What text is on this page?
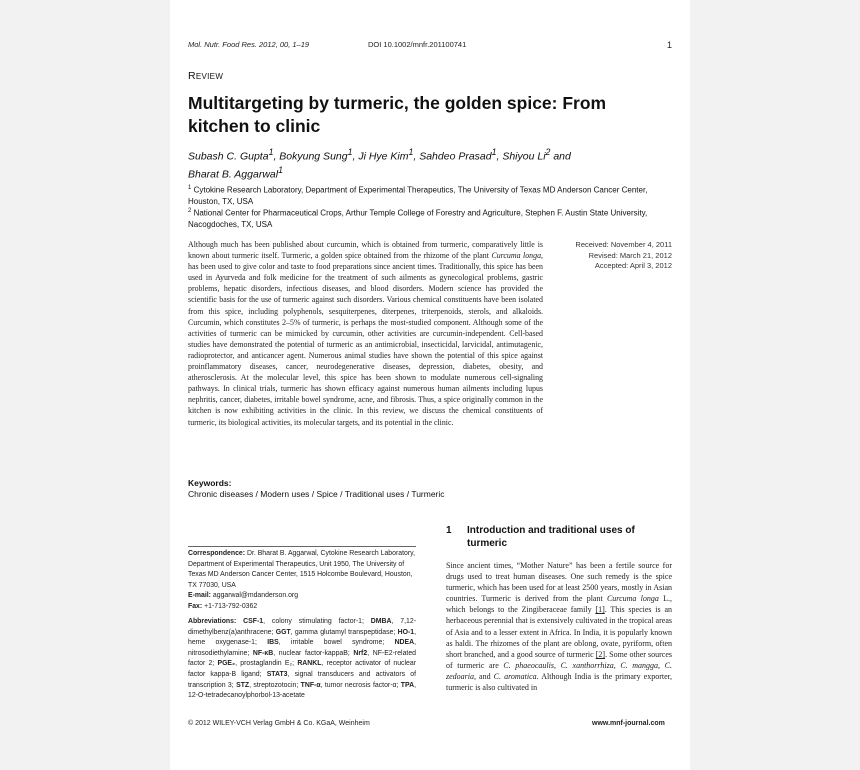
Mol. Nutr. Food Res. 2012, 00, 1–19	DOI 10.1002/mnfr.201100741	1
REVIEW
Multitargeting by turmeric, the golden spice: From kitchen to clinic
Subash C. Gupta$^1$, Bokyung Sung$^1$, Ji Hye Kim$^1$, Sahdeo Prasad$^1$, Shiyou Li$^2$ and
Bharat B. Aggarwal$^1$
$^1$ Cytokine Research Laboratory, Department of Experimental Therapeutics, The University of Texas MD Anderson Cancer Center, Houston, TX, USA
$^2$ National Center for Pharmaceutical Crops, Arthur Temple College of Forestry and Agriculture, Stephen F. Austin State University, Nacogdoches, TX, USA
Although much has been published about curcumin, which is obtained from turmeric, comparatively little is known about turmeric itself. Turmeric, a golden spice obtained from the rhizome of the plant Curcuma longa, has been used to give color and taste to food preparations since ancient times. Traditionally, this spice has been used in Ayurveda and folk medicine for the treatment of such ailments as gynecological problems, gastric problems, hepatic disorders, infectious diseases, and blood disorders. Modern science has provided the scientific basis for the use of turmeric against such disorders. Various chemical constituents have been isolated from this spice, including polyphenols, sesquiterpenes, diterpenes, triterpenoids, sterols, and alkaloids. Curcumin, which constitutes 2–5% of turmeric, is perhaps the most-studied component. Although some of the activities of turmeric can be mimicked by curcumin, other activities are curcumin-independent. Cell-based studies have demonstrated the potential of turmeric as an antimicrobial, insecticidal, larvicidal, antimutagenic, radioprotector, and anticancer agent. Numerous animal studies have shown the potential of this spice against proinflammatory diseases, cancer, neurodegenerative diseases, depression, diabetes, obesity, and atherosclerosis. At the molecular level, this spice has been shown to modulate numerous cell-signaling pathways. In clinical trials, turmeric has shown efficacy against numerous human ailments including lupus nephritis, cancer, diabetes, irritable bowel syndrome, acne, and fibrosis. Thus, a spice originally common in the kitchen is now exhibiting activities in the clinic. In this review, we discuss the chemical constituents of turmeric, its biological activities, its molecular targets, and its potential in the clinic.
Received: November 4, 2011
Revised: March 21, 2012
Accepted: April 3, 2012
Keywords:
Chronic diseases / Modern uses / Spice / Traditional uses / Turmeric
Correspondence: Dr. Bharat B. Aggarwal, Cytokine Research Laboratory, Department of Experimental Therapeutics, Unit 1950, The University of Texas MD Anderson Cancer Center, 1515 Holcombe Boulevard, Houston, TX 77030, USA
E-mail: aggarwal@mdanderson.org
Fax: +1-713-792-0362
Abbreviations: CSF-1, colony stimulating factor-1; DMBA, 7,12-dimethylbenz(a)anthracene; GGT, gamma glutamyl transpeptidase; HO-1, heme oxygenase-1; IBS, irritable bowel syndrome; NDEA, nitrosodiethylamine; NF-κB, nuclear factor-kappaB; Nrf2, NF-E2-related factor 2; PGE₂, prostaglandin E₂; RANKL, receptor activator of nuclear factor kappa-B ligand; STAT3, signal transducers and activators of transcription 3; STZ, streptozotocin; TNF-α, tumor necrosis factor-α; TPA, 12-O-tetradecanoylphorbol-13-acetate
1 Introduction and traditional uses of turmeric
Since ancient times, “Mother Nature” has been a fertile source for drugs used to treat human diseases. One such remedy is the spice turmeric, which has been used for at least 2500 years, mostly in Asian countries. Turmeric is derived from the plant Curcuma longa L., which belongs to the Zingiberaceae family [1]. This species is an herbaceous perennial that is extensively cultivated in the tropical areas of Asia and to a lesser extent in Africa. In India, it is popularly known as haldi. The rhizomes of the plant are oblong, ovate, pyriform, often short branched, and a good source of turmeric [2]. Some other sources of turmeric are C. phaeocaulis, C. xanthorrhiza, C. mangga, C. zedoaria, and C. aromatica. Although India is the primary exporter, turmeric is also cultivated in
© 2012 WILEY-VCH Verlag GmbH & Co. KGaA, Weinheim	www.mnf-journal.com
